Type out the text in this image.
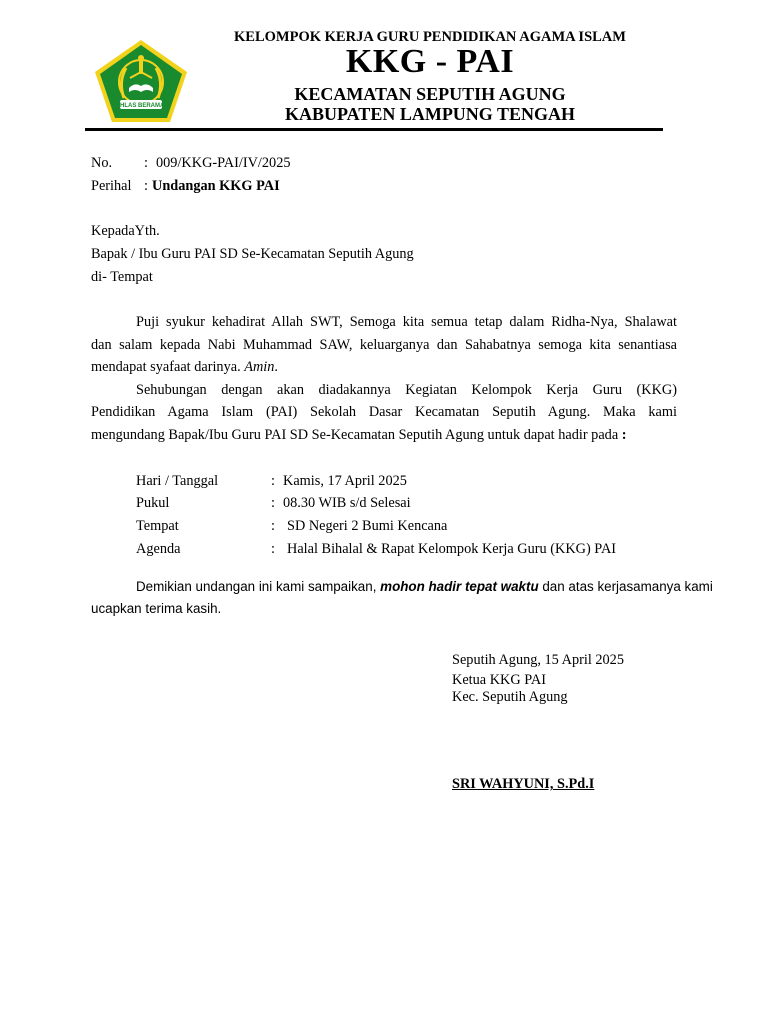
IKHLAS BERAMAL
KELOMPOK KERJA GURU PENDIDIKAN AGAMA ISLAM
KKG - PAI
KECAMATAN SEPUTIH AGUNG
KABUPATEN LAMPUNG TENGAH
No. : 009/KKG-PAI/IV/2025
Perihal : Undangan KKG PAI
KepadaYth.
Bapak / Ibu Guru PAI SD Se-Kecamatan Seputih Agung
di- Tempat
Puji syukur kehadirat Allah SWT, Semoga kita semua tetap dalam Ridha-Nya, Shalawat
dan salam kepada Nabi Muhammad SAW, keluarganya dan Sahabatnya semoga kita senantiasa
mendapat syafaat darinya. Amin.
Sehubungan dengan akan diadakannya Kegiatan Kelompok Kerja Guru (KKG)
Pendidikan Agama Islam (PAI) Sekolah Dasar Kecamatan Seputih Agung. Maka kami
mengundang Bapak/Ibu Guru PAI SD Se-Kecamatan Seputih Agung untuk dapat hadir pada :
Hari / Tanggal	: Kamis, 17 April 2025
Pukul	: 08.30 WIB s/d Selesai
Tempat	: SD Negeri 2 Bumi Kencana
Agenda	: Halal Bihalal & Rapat Kelompok Kerja Guru (KKG) PAI
Demikian undangan ini kami sampaikan, mohon hadir tepat waktu dan atas kerjasamanya kami
ucapkan terima kasih.
Seputih Agung, 15 April 2025
Ketua KKG PAI
Kec. Seputih Agung
SRI WAHYUNI, S.Pd.I
